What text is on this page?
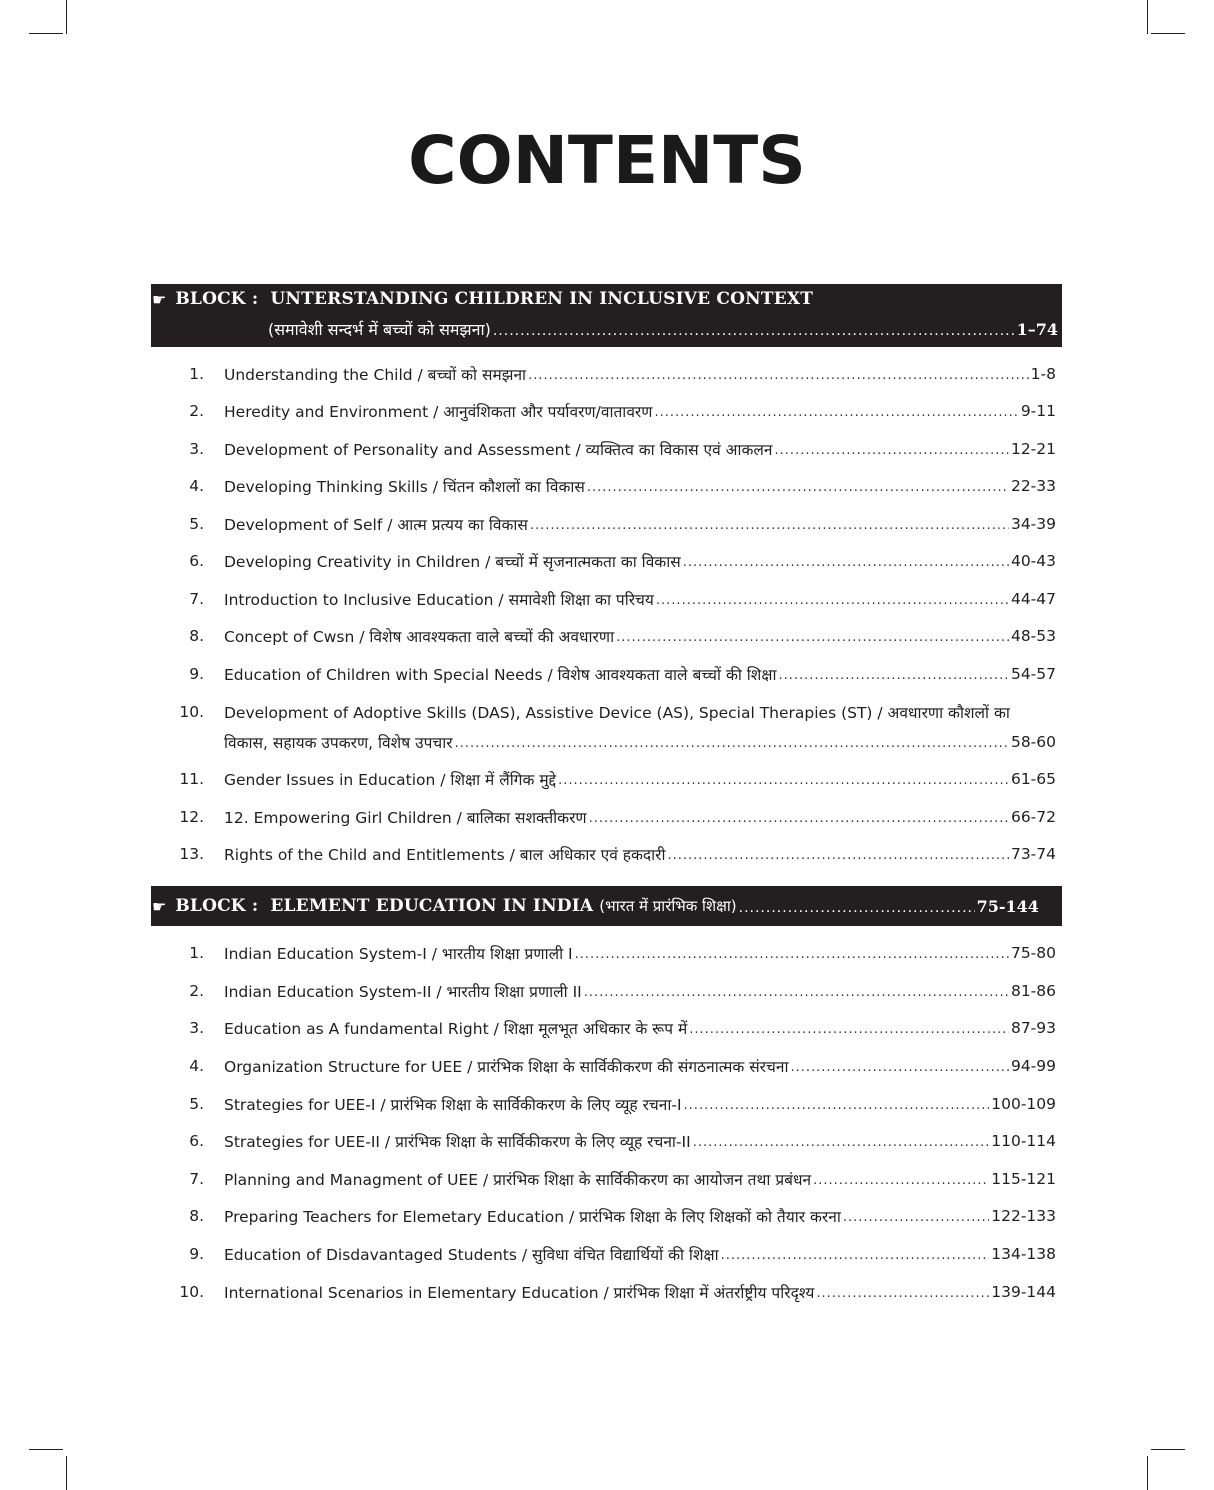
CONTENTS
☛ BLOCK : UNTERSTANDING CHILDREN IN INCLUSIVE CONTEXT
(समावेशी सन्दर्भ में बच्चों को समझना) .....	1–74
1. Understanding the Child / बच्चों को समझना .....	1-8
2. Heredity and Environment / आनुवंशिकता और पर्यावरण/वातावरण .....	9-11
3. Development of Personality and Assessment / व्यक्तित्व का विकास एवं आकलन .....	12-21
4. Developing Thinking Skills / चिंतन कौशलों का विकास .....	22-33
5. Development of Self / आत्म प्रत्यय का विकास .....	34-39
6. Developing Creativity in Children / बच्चों में सृजनात्मकता का विकास .....	40-43
7. Introduction to Inclusive Education / समावेशी शिक्षा का परिचय .....	44-47
8. Concept of Cwsn / विशेष आवश्यकता वाले बच्चों की अवधारणा .....	48-53
9. Education of Children with Special Needs / विशेष आवश्यकता वाले बच्चों की शिक्षा .....	54-57
10. Development of Adoptive Skills (DAS), Assistive Device (AS), Special Therapies (ST) / अवधारणा कौशलों का
विकास, सहायक उपकरण, विशेष उपचार .....	58-60
11. Gender Issues in Education / शिक्षा में लैंगिक मुद्दे .....	61-65
12. 12. Empowering Girl Children / बालिका सशक्तीकरण .....	66-72
13. Rights of the Child and Entitlements / बाल अधिकार एवं हकदारी .....	73-74
☛ BLOCK : ELEMENT EDUCATION IN INDIA (भारत में प्रारंभिक शिक्षा) .....	75-144
1. Indian Education System-I / भारतीय शिक्षा प्रणाली I .....	75-80
2. Indian Education System-II / भारतीय शिक्षा प्रणाली II .....	81-86
3. Education as A fundamental Right / शिक्षा मूलभूत अधिकार के रूप में .....	87-93
4. Organization Structure for UEE / प्रारंभिक शिक्षा के सार्विकीकरण की संगठनात्मक संरचना .....	94-99
5. Strategies for UEE-I / प्रारंभिक शिक्षा के सार्विकीकरण के लिए व्यूह रचना-I .....	100-109
6. Strategies for UEE-II / प्रारंभिक शिक्षा के सार्विकीकरण के लिए व्यूह रचना-II .....	110-114
7. Planning and Managment of UEE / प्रारंभिक शिक्षा के सार्विकीकरण का आयोजन तथा प्रबंधन .....	115-121
8. Preparing Teachers for Elemetary Education / प्रारंभिक शिक्षा के लिए शिक्षकों को तैयार करना .....	122-133
9. Education of Disdavantaged Students / सुविधा वंचित विद्यार्थियों की शिक्षा .....	134-138
10. International Scenarios in Elementary Education / प्रारंभिक शिक्षा में अंतर्राष्ट्रीय परिदृश्य .....	139-144
